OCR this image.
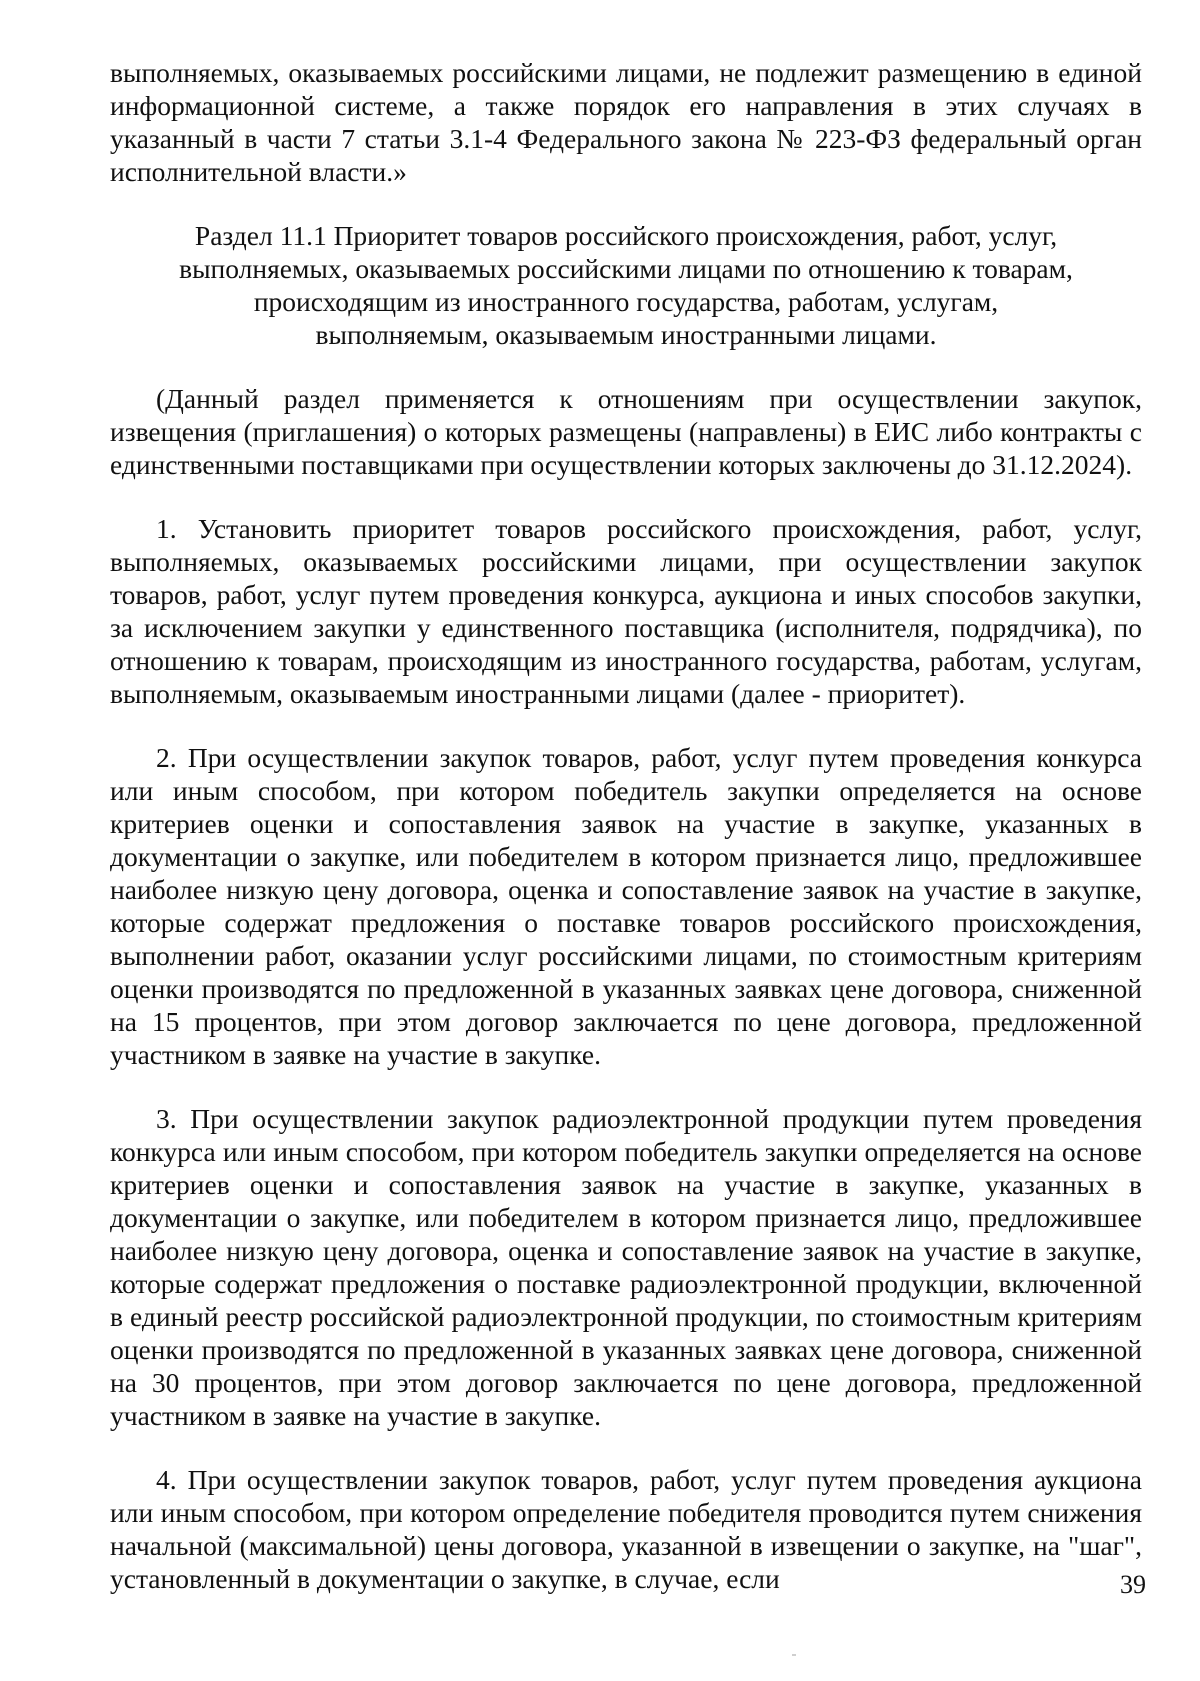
выполняемых, оказываемых российскими лицами, не подлежит размещению в единой информационной системе, а также порядок его направления в этих случаях в указанный в части 7 статьи 3.1-4 Федерального закона № 223-ФЗ федеральный орган исполнительной власти.»

Раздел 11.1 Приоритет товаров российского происхождения, работ, услуг, выполняемых, оказываемых российскими лицами по отношению к товарам, происходящим из иностранного государства, работам, услугам, выполняемым, оказываемым иностранными лицами.

(Данный раздел применяется к отношениям при осуществлении закупок, извещения (приглашения) о которых размещены (направлены) в ЕИС либо контракты с единственными поставщиками при осуществлении которых заключены до 31.12.2024).

1. Установить приоритет товаров российского происхождения, работ, услуг, выполняемых, оказываемых российскими лицами, при осуществлении закупок товаров, работ, услуг путем проведения конкурса, аукциона и иных способов закупки, за исключением закупки у единственного поставщика (исполнителя, подрядчика), по отношению к товарам, происходящим из иностранного государства, работам, услугам, выполняемым, оказываемым иностранными лицами (далее - приоритет).

2. При осуществлении закупок товаров, работ, услуг путем проведения конкурса или иным способом, при котором победитель закупки определяется на основе критериев оценки и сопоставления заявок на участие в закупке, указанных в документации о закупке, или победителем в котором признается лицо, предложившее наиболее низкую цену договора, оценка и сопоставление заявок на участие в закупке, которые содержат предложения о поставке товаров российского происхождения, выполнении работ, оказании услуг российскими лицами, по стоимостным критериям оценки производятся по предложенной в указанных заявках цене договора, сниженной на 15 процентов, при этом договор заключается по цене договора, предложенной участником в заявке на участие в закупке.

3. При осуществлении закупок радиоэлектронной продукции путем проведения конкурса или иным способом, при котором победитель закупки определяется на основе критериев оценки и сопоставления заявок на участие в закупке, указанных в документации о закупке, или победителем в котором признается лицо, предложившее наиболее низкую цену договора, оценка и сопоставление заявок на участие в закупке, которые содержат предложения о поставке радиоэлектронной продукции, включенной в единый реестр российской радиоэлектронной продукции, по стоимостным критериям оценки производятся по предложенной в указанных заявках цене договора, сниженной на 30 процентов, при этом договор заключается по цене договора, предложенной участником в заявке на участие в закупке.

4. При осуществлении закупок товаров, работ, услуг путем проведения аукциона или иным способом, при котором определение победителя проводится путем снижения начальной (максимальной) цены договора, указанной в извещении о закупке, на "шаг", установленный в документации о закупке, в случае, если	39
